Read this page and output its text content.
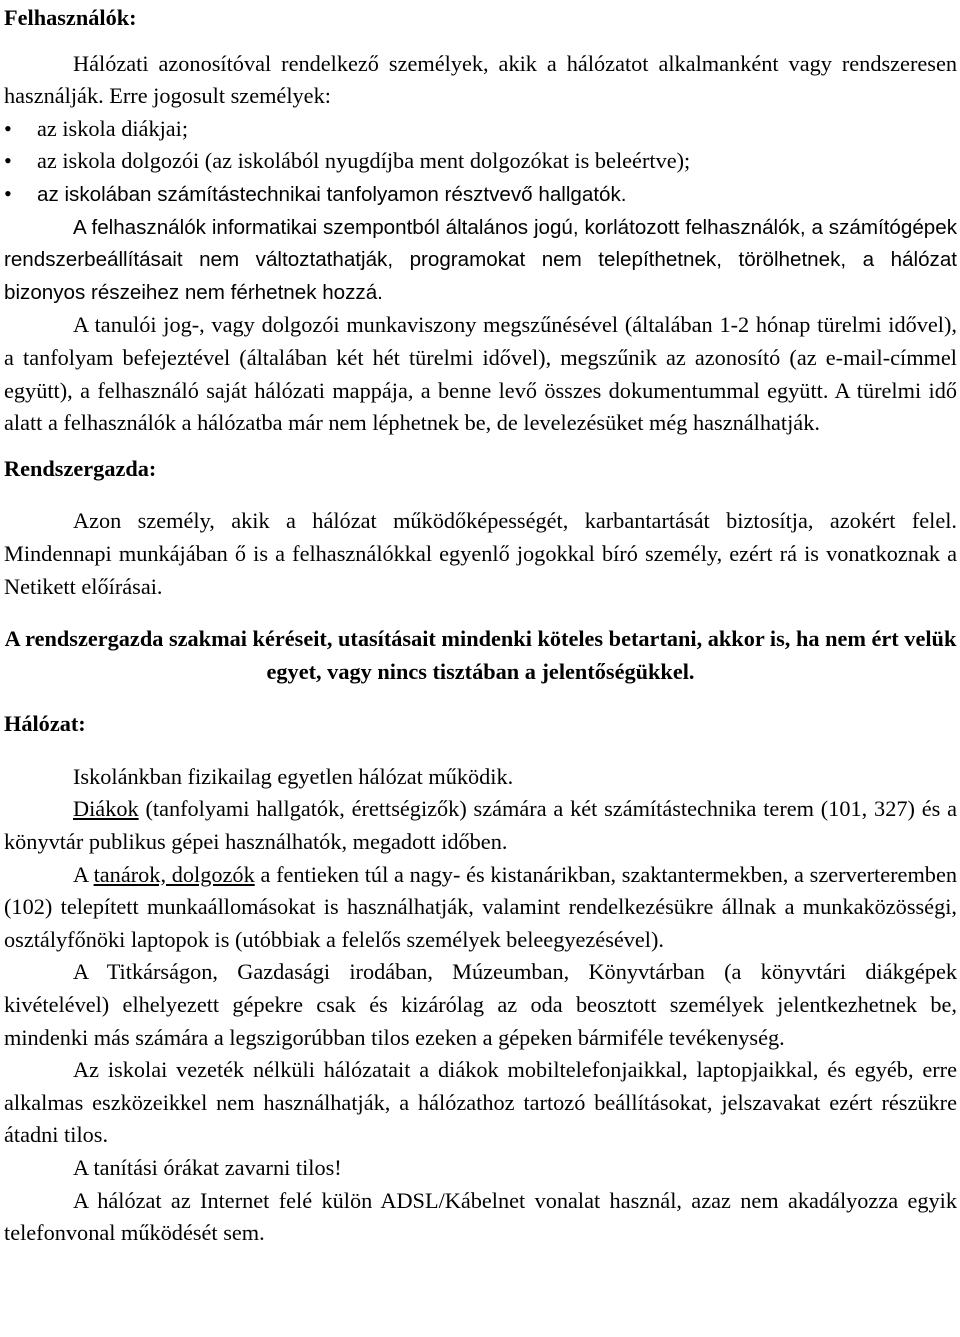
Felhasználók:

Hálózati azonosítóval rendelkező személyek, akik a hálózatot alkalmanként vagy rendszeresen használják. Erre jogosult személyek:

•	az iskola diákjai;
•	az iskola dolgozói (az iskolából nyugdíjba ment dolgozókat is beleértve);
•	az iskolában számítástechnikai tanfolyamon résztvevő hallgatók.

A felhasználók informatikai szempontból általános jogú, korlátozott felhasználók, a számítógépek rendszerbeállításait nem változtathatják, programokat nem telepíthetnek, törölhetnek, a hálózat bizonyos részeihez nem férhetnek hozzá.

A tanulói jog-, vagy dolgozói munkaviszony megszűnésével (általában 1-2 hónap türelmi idővel), a tanfolyam befejeztével (általában két hét türelmi idővel), megszűnik az azonosító (az e-mail-címmel együtt), a felhasználó saját hálózati mappája, a benne levő összes dokumentummal együtt. A türelmi idő alatt a felhasználók a hálózatba már nem léphetnek be, de levelezésüket még használhatják.

Rendszergazda:

Azon személy, akik a hálózat működőképességét, karbantartását biztosítja, azokért felel. Mindennapi munkájában ő is a felhasználókkal egyenlő jogokkal bíró személy, ezért rá is vonatkoznak a Netikett előírásai.

A rendszergazda szakmai kéréseit, utasításait mindenki köteles betartani, akkor is, ha nem ért velük egyet, vagy nincs tisztában a jelentőségükkel.

Hálózat:

Iskolánkban fizikailag egyetlen hálózat működik.

Diákok (tanfolyami hallgatók, érettségizők) számára a két számítástechnika terem (101, 327) és a könyvtár publikus gépei használhatók, megadott időben.

A tanárok, dolgozók a fentieken túl a nagy- és kistanárikban, szaktantermekben, a szerverteremben (102) telepített munkaállomásokat is használhatják, valamint rendelkezésükre állnak a munkaközösségi, osztályfőnöki laptopok is (utóbbiak a felelős személyek beleegyezésével).

A Titkárságon, Gazdasági irodában, Múzeumban, Könyvtárban (a könyvtári diákgépek kivételével) elhelyezett gépekre csak és kizárólag az oda beosztott személyek jelentkezhetnek be, mindenki más számára a legszigorúbban tilos ezeken a gépeken bármiféle tevékenység.

Az iskolai vezeték nélküli hálózatait a diákok mobiltelefonjaikkal, laptopjaikkal, és egyéb, erre alkalmas eszközeikkel nem használhatják, a hálózathoz tartozó beállításokat, jelszavakat ezért részükre átadni tilos.

A tanítási órákat zavarni tilos!

A hálózat az Internet felé külön ADSL/Kábelnet vonalat használ, azaz nem akadályozza egyik telefonvonal működését sem.
